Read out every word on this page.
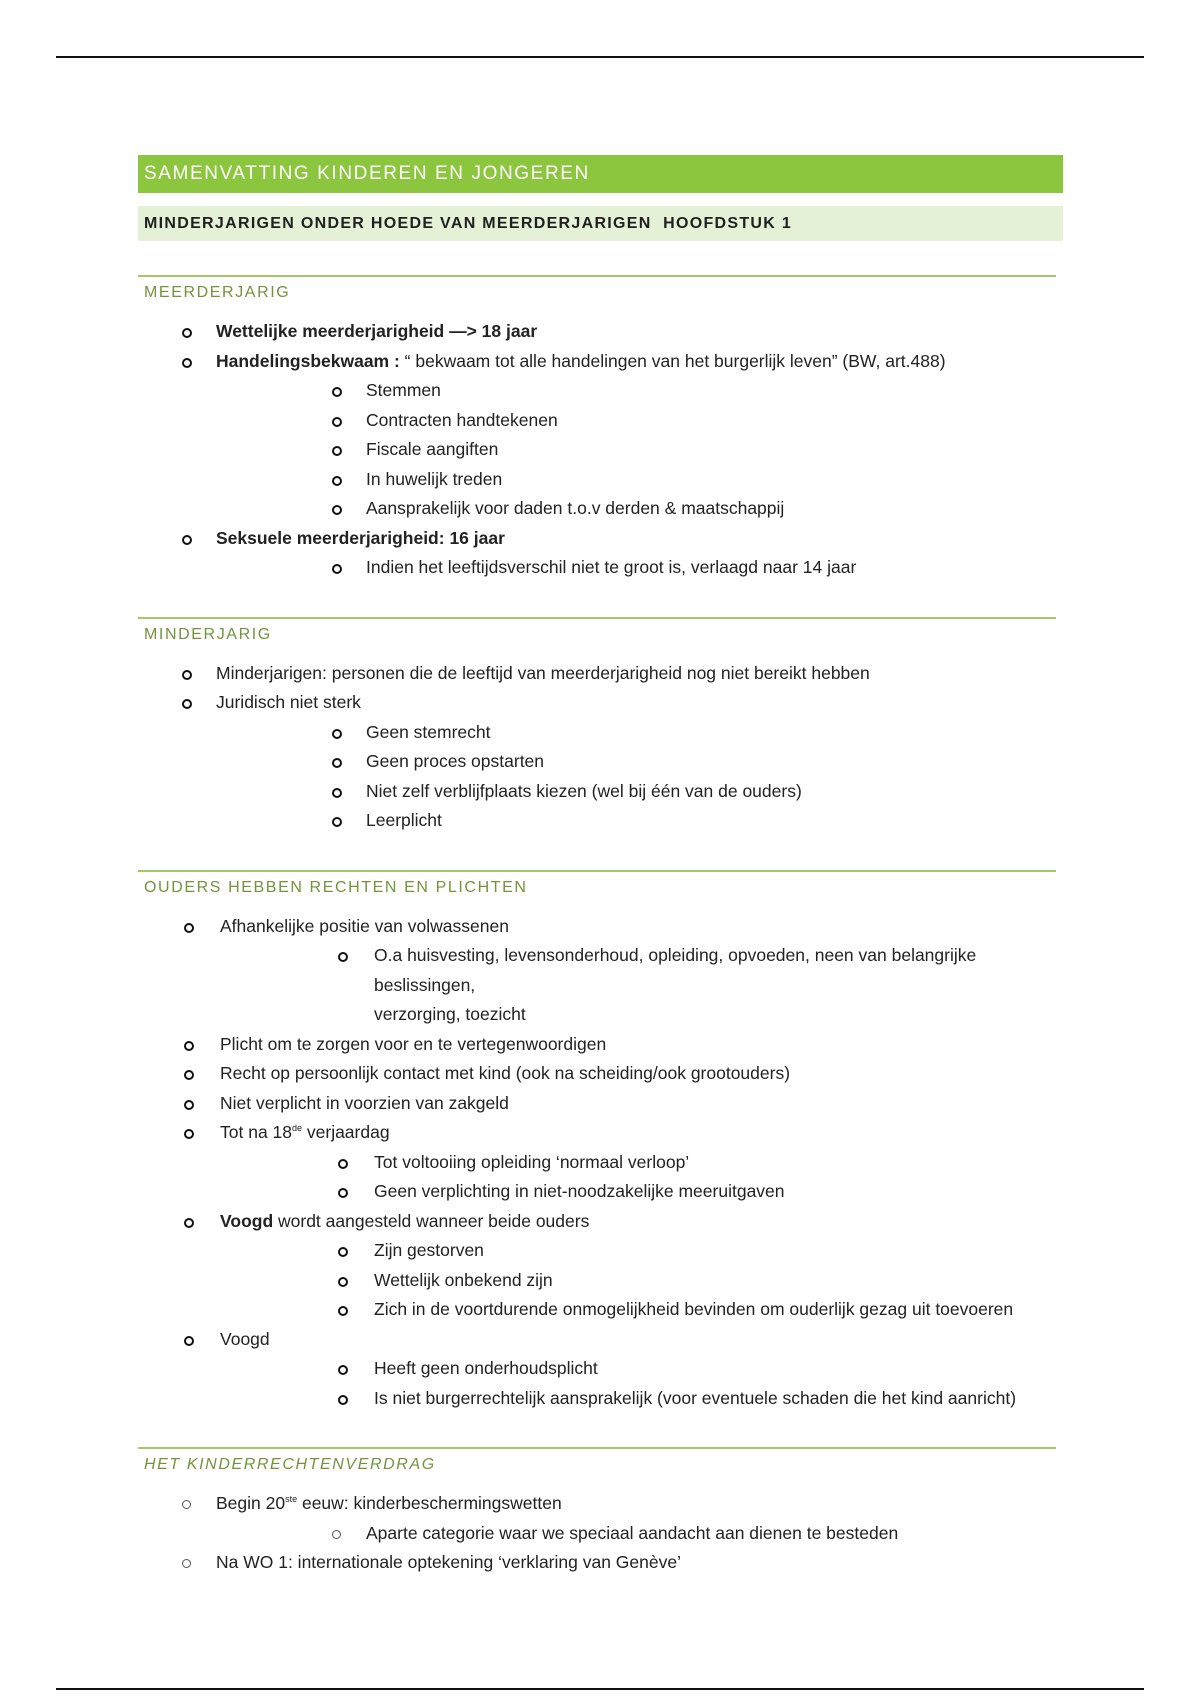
SAMENVATTING KINDEREN EN JONGEREN
MINDERJARIGEN ONDER HOEDE VAN MEERDERJARIGEN  HOOFDSTUK 1
MEERDERJARIG
Wettelijke meerderjarigheid —> 18 jaar
Handelingsbekwaam : “ bekwaam tot alle handelingen van het burgerlijk leven” (BW, art.488)
Stemmen
Contracten handtekenen
Fiscale aangiften
In huwelijk treden
Aansprakelijk voor daden t.o.v derden & maatschappij
Seksuele meerderjarigheid: 16 jaar
Indien het leeftijdsverschil niet te groot is, verlaagd naar 14 jaar
MINDERJARIG
Minderjarigen: personen die de leeftijd van meerderjarigheid nog niet bereikt hebben
Juridisch niet sterk
Geen stemrecht
Geen proces opstarten
Niet zelf verblijfplaats kiezen (wel bij één van de ouders)
Leerplicht
OUDERS HEBBEN RECHTEN EN PLICHTEN
Afhankelijke positie van volwassenen
O.a huisvesting, levensonderhoud, opleiding, opvoeden, neen van belangrijke beslissingen,
verzorging, toezicht
Plicht om te zorgen voor en te vertegenwoordigen
Recht op persoonlijk contact met kind (ook na scheiding/ook grootouders)
Niet verplicht in voorzien van zakgeld
Tot na 18de verjaardag
Tot voltooiing opleiding ‘normaal verloop’
Geen verplichting in niet-noodzakelijke meeruitgaven
Voogd wordt aangesteld wanneer beide ouders
Zijn gestorven
Wettelijk onbekend zijn
Zich in de voortdurende onmogelijkheid bevinden om ouderlijk gezag uit toevoeren
Voogd
Heeft geen onderhoudsplicht
Is niet burgerrechtelijk aansprakelijk (voor eventuele schaden die het kind aanricht)
HET KINDERRECHTENVERDRAG
Begin 20ste eeuw: kinderbeschermingswetten
Aparte categorie waar we speciaal aandacht aan dienen te besteden
Na WO 1: internationale optekening ‘verklaring van Genève’
